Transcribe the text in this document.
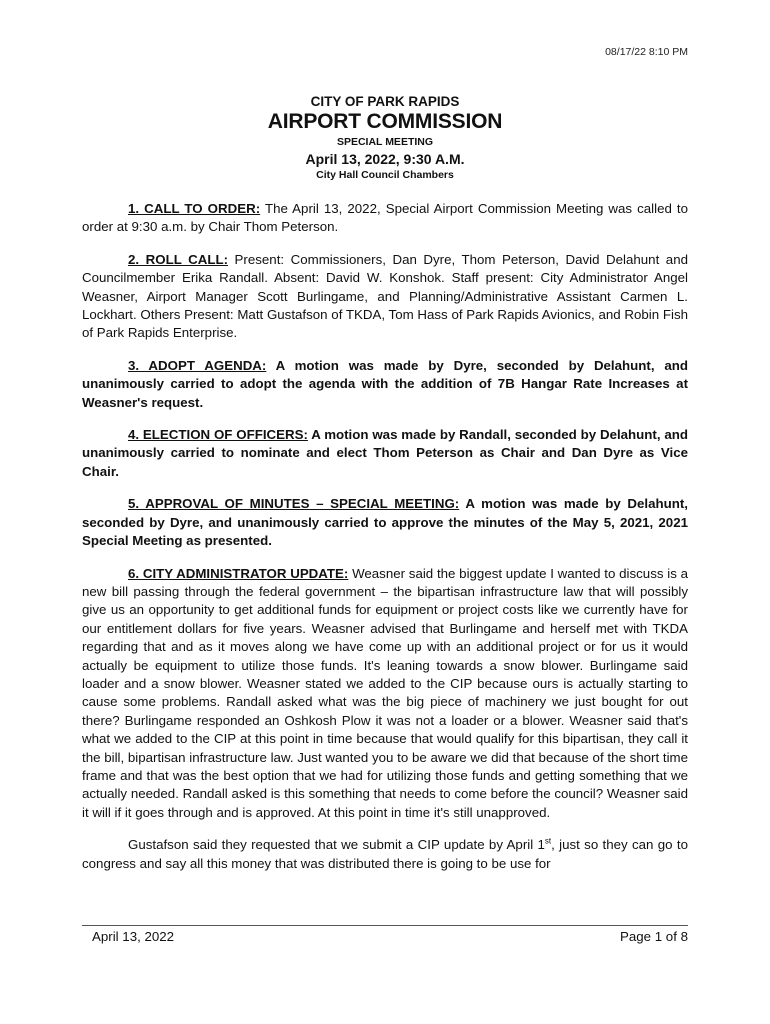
08/17/22 8:10 PM
CITY OF PARK RAPIDS
AIRPORT COMMISSION
SPECIAL MEETING
April 13, 2022, 9:30 A.M.
City Hall Council Chambers

1. CALL TO ORDER: The April 13, 2022, Special Airport Commission Meeting was called to order at 9:30 a.m. by Chair Thom Peterson.

2. ROLL CALL: Present: Commissioners, Dan Dyre, Thom Peterson, David Delahunt and Councilmember Erika Randall. Absent: David W. Konshok. Staff present: City Administrator Angel Weasner, Airport Manager Scott Burlingame, and Planning/Administrative Assistant Carmen L. Lockhart. Others Present: Matt Gustafson of TKDA, Tom Hass of Park Rapids Avionics, and Robin Fish of Park Rapids Enterprise.

3. ADOPT AGENDA: A motion was made by Dyre, seconded by Delahunt, and unanimously carried to adopt the agenda with the addition of 7B Hangar Rate Increases at Weasner's request.

4. ELECTION OF OFFICERS: A motion was made by Randall, seconded by Delahunt, and unanimously carried to nominate and elect Thom Peterson as Chair and Dan Dyre as Vice Chair.

5. APPROVAL OF MINUTES – SPECIAL MEETING: A motion was made by Delahunt, seconded by Dyre, and unanimously carried to approve the minutes of the May 5, 2021, 2021 Special Meeting as presented.

6. CITY ADMINISTRATOR UPDATE: Weasner said the biggest update I wanted to discuss is a new bill passing through the federal government – the bipartisan infrastructure law that will possibly give us an opportunity to get additional funds for equipment or project costs like we currently have for our entitlement dollars for five years. Weasner advised that Burlingame and herself met with TKDA regarding that and as it moves along we have come up with an additional project or for us it would actually be equipment to utilize those funds. It's leaning towards a snow blower. Burlingame said loader and a snow blower. Weasner stated we added to the CIP because ours is actually starting to cause some problems. Randall asked what was the big piece of machinery we just bought for out there? Burlingame responded an Oshkosh Plow it was not a loader or a blower. Weasner said that's what we added to the CIP at this point in time because that would qualify for this bipartisan, they call it the bill, bipartisan infrastructure law. Just wanted you to be aware we did that because of the short time frame and that was the best option that we had for utilizing those funds and getting something that we actually needed. Randall asked is this something that needs to come before the council? Weasner said it will if it goes through and is approved. At this point in time it's still unapproved.

Gustafson said they requested that we submit a CIP update by April 1st, just so they can go to congress and say all this money that was distributed there is going to be use for

April 13, 2022	Page 1 of 8
